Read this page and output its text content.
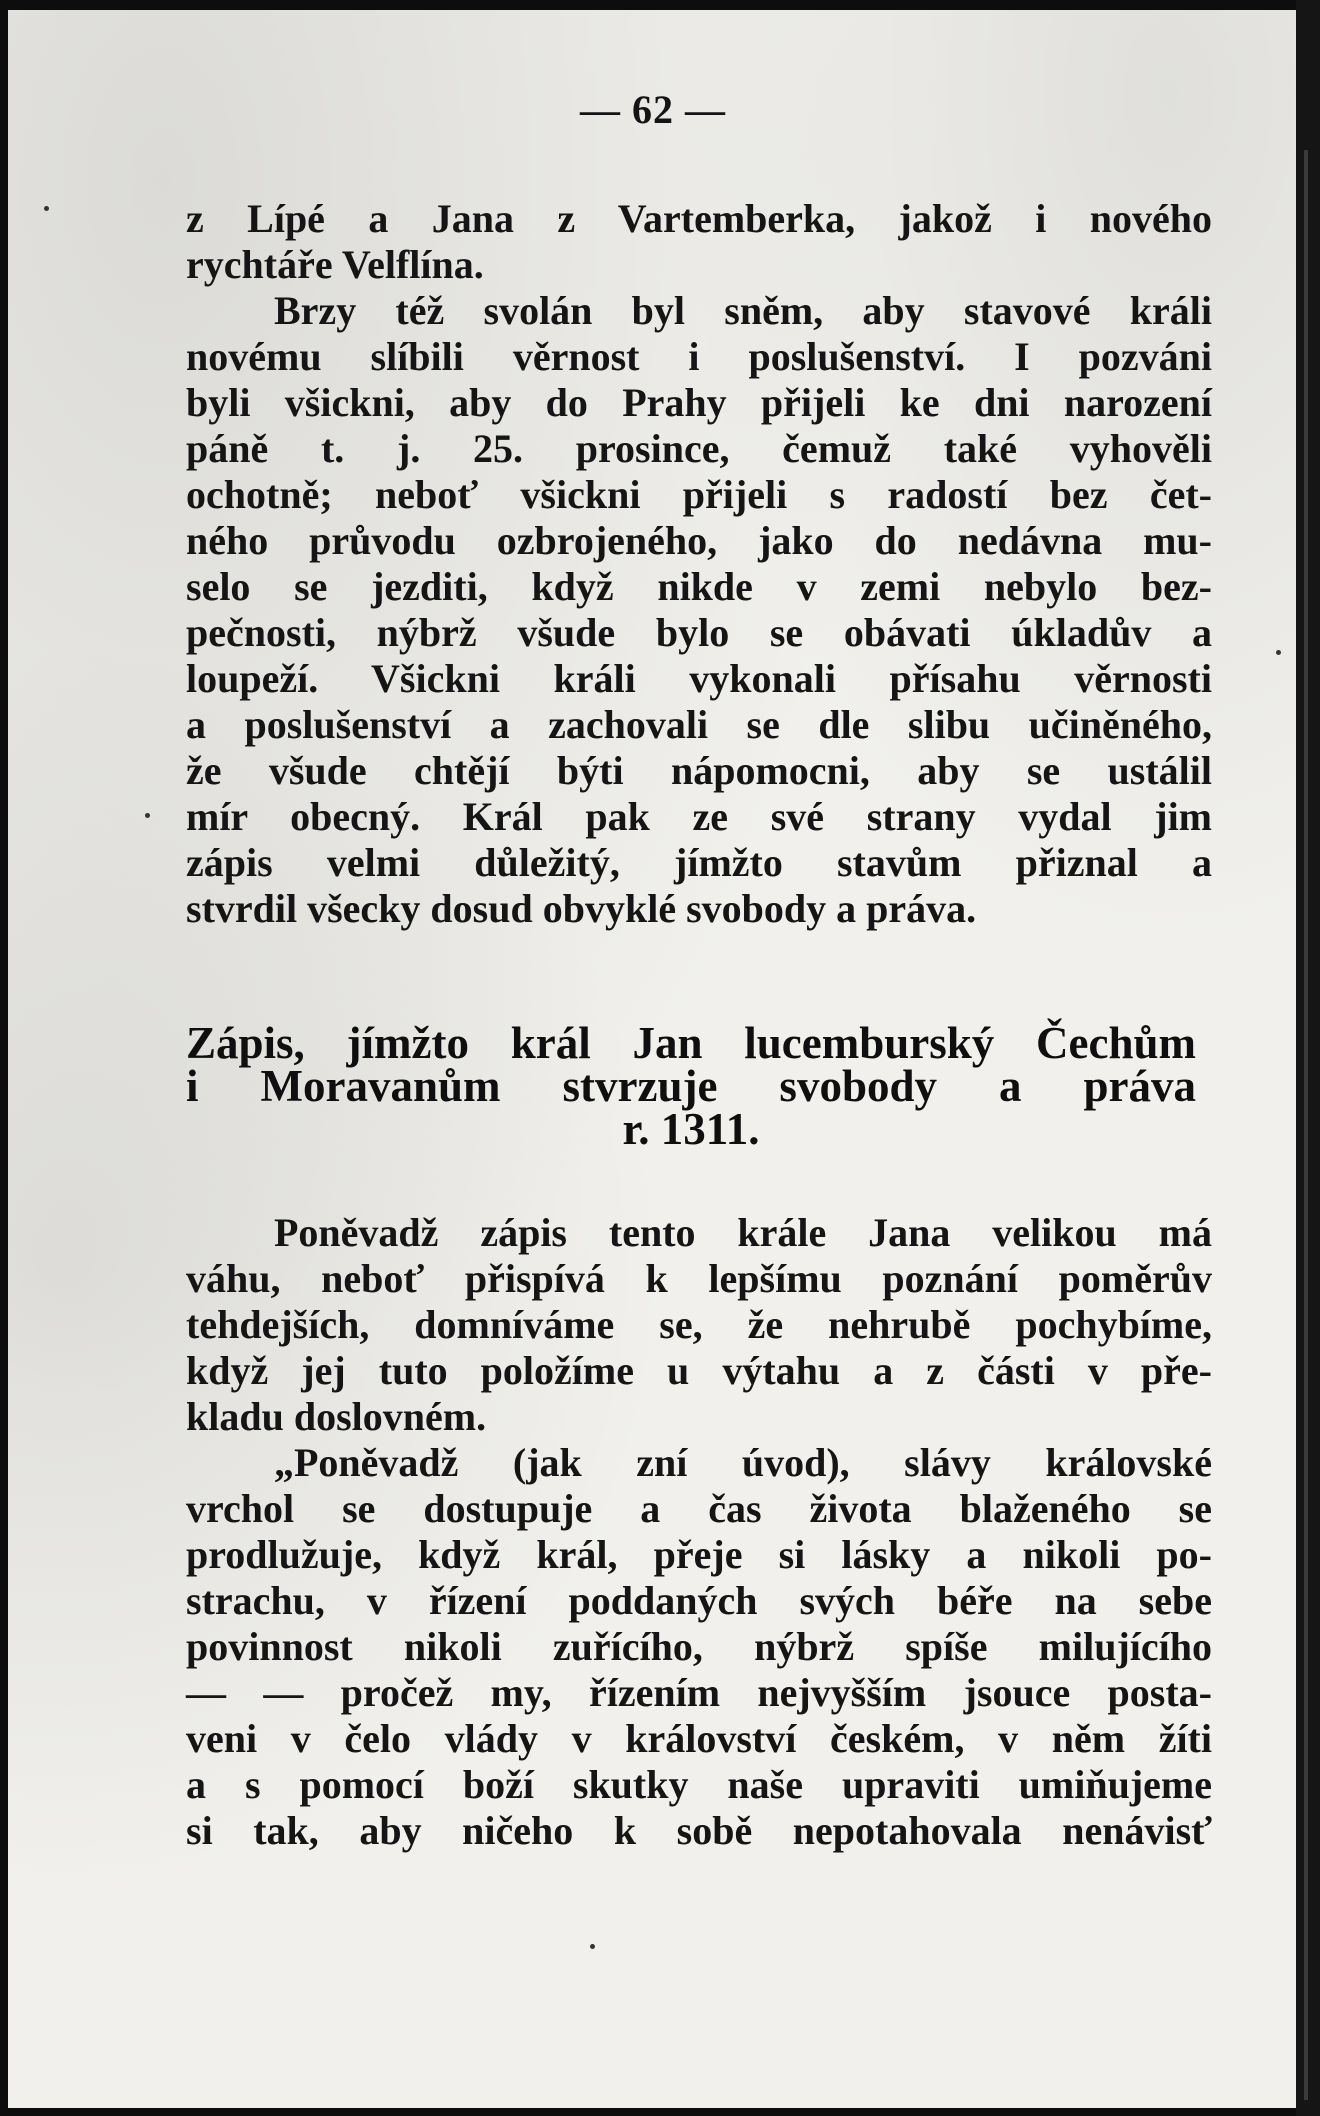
— 62 —
z Lípé a Jana z Vartemberka, jakož i nového
rychtáře Velflína.
Brzy též svolán byl sněm, aby stavové králi
novému slíbili věrnost i poslušenství. I pozváni
byli všickni, aby do Prahy přijeli ke dni narození
páně t. j. 25. prosince, čemuž také vyhověli
ochotně; neboť všickni přijeli s radostí bez čet-
ného průvodu ozbrojeného, jako do nedávna mu-
selo se jezditi, když nikde v zemi nebylo bez-
pečnosti, nýbrž všude bylo se obávati úkladův a
loupeží. Všickni králi vykonali přísahu věrnosti
a poslušenství a zachovali se dle slibu učiněného,
že všude chtějí býti nápomocni, aby se ustálil
mír obecný. Král pak ze své strany vydal jim
zápis velmi důležitý, jímžto stavům přiznal a
stvrdil všecky dosud obvyklé svobody a práva.
Zápis, jímžto král Jan lucemburský Čechům
i Moravanům stvrzuje svobody a práva
r. 1311.
Poněvadž zápis tento krále Jana velikou má
váhu, neboť přispívá k lepšímu poznání poměrův
tehdejších, domníváme se, že nehrubě pochybíme,
když jej tuto položíme u výtahu a z části v pře-
kladu doslovném.
„Poněvadž (jak zní úvod), slávy královské
vrchol se dostupuje a čas života blaženého se
prodlužuje, když král, přeje si lásky a nikoli po-
strachu, v řízení poddaných svých béře na sebe
povinnost nikoli zuřícího, nýbrž spíše milujícího
— — pročež my, řízením nejvyšším jsouce posta-
veni v čelo vlády v království českém, v něm žíti
a s pomocí boží skutky naše upraviti umiňujeme
si tak, aby ničeho k sobě nepotahovala nenávisť
